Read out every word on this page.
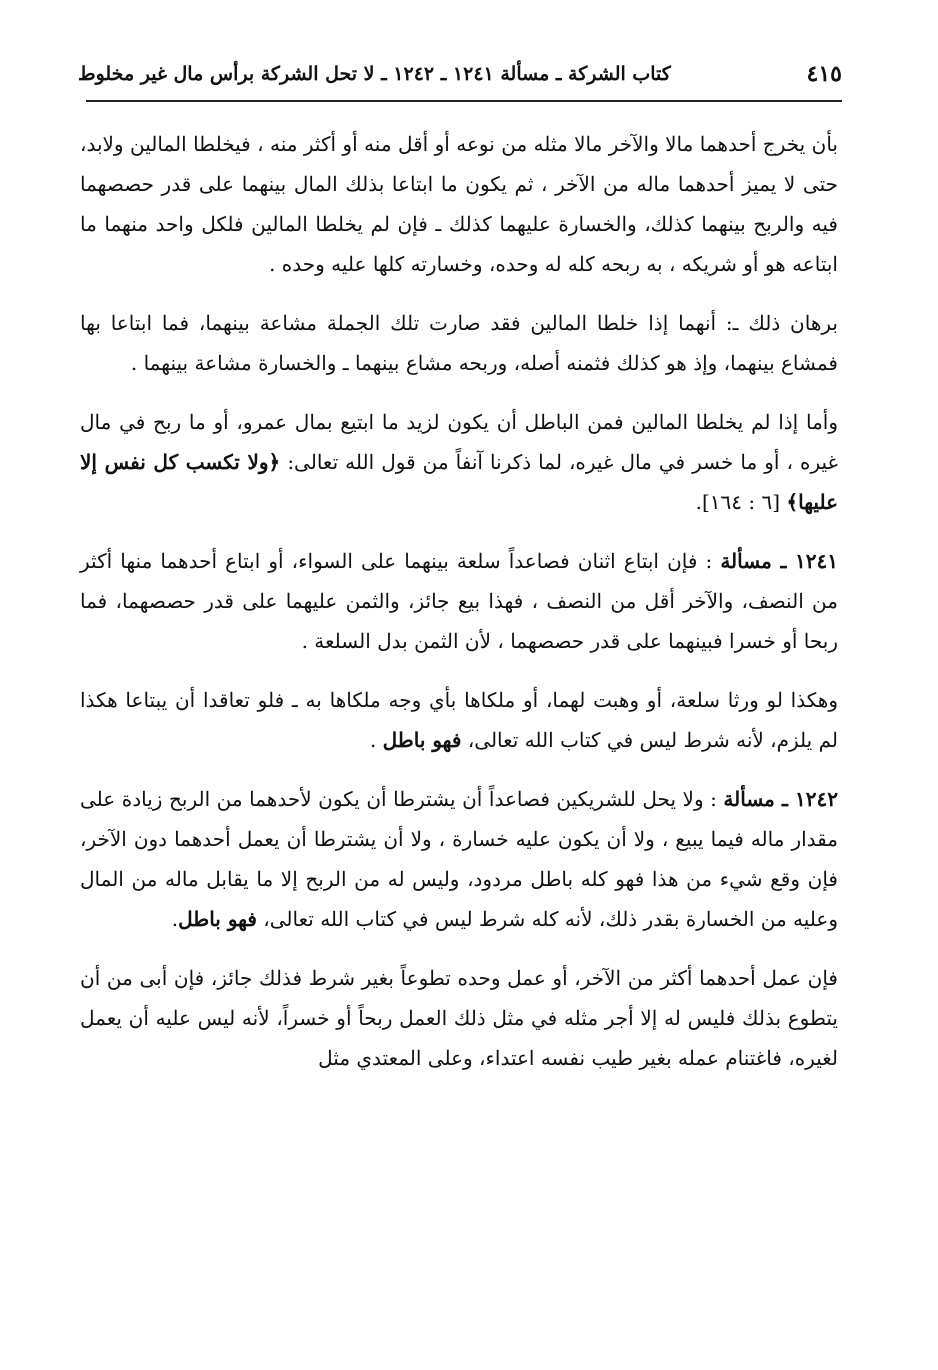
كتاب الشركة ـ مسألة ١٢٤١ ـ ١٢٤٢ ـ لا تحل الشركة برأس مال غير مخلوط	٤١٥

بأن يخرج أحدهما مالا والآخر مالا مثله من نوعه أو أقل منه أو أكثر منه ، فيخلطا المالين ولابد، حتى لا يميز أحدهما ماله من الآخر ، ثم يكون ما ابتاعا بذلك المال بينهما على قدر حصصهما فيه والربح بينهما كذلك، والخسارة عليهما كذلك ـ فإن لم يخلطا المالين فلكل واحد منهما ما ابتاعه هو أو شريكه ، به ربحه كله له وحده، وخسارته كلها عليه وحده .

برهان ذلك ـ: أنهما إذا خلطا المالين فقد صارت تلك الجملة مشاعة بينهما، فما ابتاعا بها فمشاع بينهما، وإذ هو كذلك فثمنه أصله، وربحه مشاع بينهما ـ والخسارة مشاعة بينهما .

وأما إذا لم يخلطا المالين فمن الباطل أن يكون لزيد ما ابتيع بمال عمرو، أو ما ربح في مال غيره ، أو ما خسر في مال غيره، لما ذكرنا آنفاً من قول الله تعالى: ﴿ولا تكسب كل نفس إلا عليها﴾ [٦ : ١٦٤].

١٢٤١ ـ مسألة : فإن ابتاع اثنان فصاعداً سلعة بينهما على السواء، أو ابتاع أحدهما منها أكثر من النصف، والآخر أقل من النصف ، فهذا بيع جائز، والثمن عليهما على قدر حصصهما، فما ربحا أو خسرا فبينهما على قدر حصصهما ، لأن الثمن بدل السلعة .

وهكذا لو ورثا سلعة، أو وهبت لهما، أو ملكاها بأي وجه ملكاها به ـ فلو تعاقدا أن يبتاعا هكذا لم يلزم، لأنه شرط ليس في كتاب الله تعالى، فهو باطل .

١٢٤٢ ـ مسألة : ولا يحل للشريكين فصاعداً أن يشترطا أن يكون لأحدهما من الربح زيادة على مقدار ماله فيما يبيع ، ولا أن يكون عليه خسارة ، ولا أن يشترطا أن يعمل أحدهما دون الآخر، فإن وقع شيء من هذا فهو كله باطل مردود، وليس له من الربح إلا ما يقابل ماله من المال وعليه من الخسارة بقدر ذلك، لأنه كله شرط ليس في كتاب الله تعالى، فهو باطل.

فإن عمل أحدهما أكثر من الآخر، أو عمل وحده تطوعاً بغير شرط فذلك جائز، فإن أبى من أن يتطوع بذلك فليس له إلا أجر مثله في مثل ذلك العمل ربحاً أو خسراً، لأنه ليس عليه أن يعمل لغيره، فاغتنام عمله بغير طيب نفسه اعتداء، وعلى المعتدي مثل
